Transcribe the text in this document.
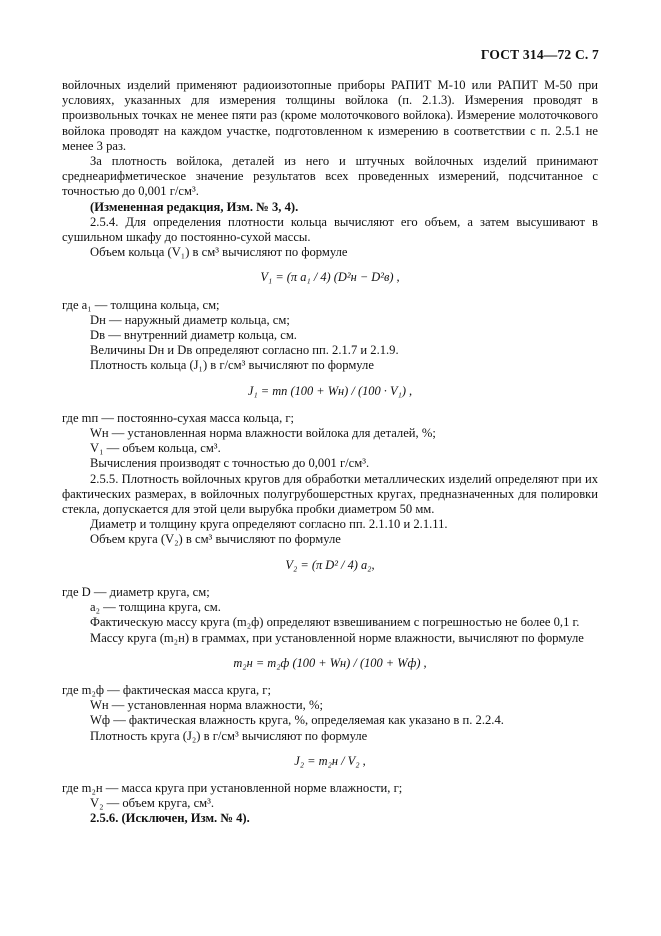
ГОСТ 314—72 С. 7

войлочных изделий применяют радиоизотопные приборы РАПИТ М-10 или РАПИТ М-50 при условиях, указанных для измерения толщины войлока (п. 2.1.3). Измерения проводят в произвольных точках не менее пяти раз (кроме молоточкового войлока). Измерение молоточкового войлока проводят на каждом участке, подготовленном к измерению в соответствии с п. 2.5.1 не менее 3 раз.

За плотность войлока, деталей из него и штучных войлочных изделий принимают среднеарифметическое значение результатов всех проведенных измерений, подсчитанное с точностью до 0,001 г/см³.

(Измененная редакция, Изм. № 3, 4).

2.5.4. Для определения плотности кольца вычисляют его объем, а затем высушивают в сушильном шкафу до постоянно-сухой массы.

Объем кольца (V₁) в см³ вычисляют по формуле

V₁ = (π a₁ / 4) (D²н − D²в) ,

где a₁ — толщина кольца, см;

Dн — наружный диаметр кольца, см;

Dв — внутренний диаметр кольца, см.

Величины Dн и Dв определяют согласно пп. 2.1.7 и 2.1.9.

Плотность кольца (J₁) в г/см³ вычисляют по формуле

J₁ = mп (100 + Wн) / (100 · V₁) ,

где mп — постоянно-сухая масса кольца, г;

Wн — установленная норма влажности войлока для деталей, %;

V₁ — объем кольца, см³.

Вычисления производят с точностью до 0,001 г/см³.

2.5.5. Плотность войлочных кругов для обработки металлических изделий определяют при их фактических размерах, в войлочных полугрубошерстных кругах, предназначенных для полировки стекла, допускается для этой цели вырубка пробки диаметром 50 мм.

Диаметр и толщину круга определяют согласно пп. 2.1.10 и 2.1.11.

Объем круга (V₂) в см³ вычисляют по формуле

V₂ = (π D² / 4) a₂,

где D — диаметр круга, см;

a₂ — толщина круга, см.

Фактическую массу круга (m₂ф) определяют взвешиванием с погрешностью не более 0,1 г.

Массу круга (m₂н) в граммах, при установленной норме влажности, вычисляют по формуле

m₂н = m₂ф (100 + Wн) / (100 + Wф) ,

где m₂ф — фактическая масса круга, г;

Wн — установленная норма влажности, %;

Wф — фактическая влажность круга, %, определяемая как указано в п. 2.2.4.

Плотность круга (J₂) в г/см³ вычисляют по формуле

J₂ = m₂н / V₂ ,

где m₂н — масса круга при установленной норме влажности, г;

V₂ — объем круга, см³.

2.5.6. (Исключен, Изм. № 4).
